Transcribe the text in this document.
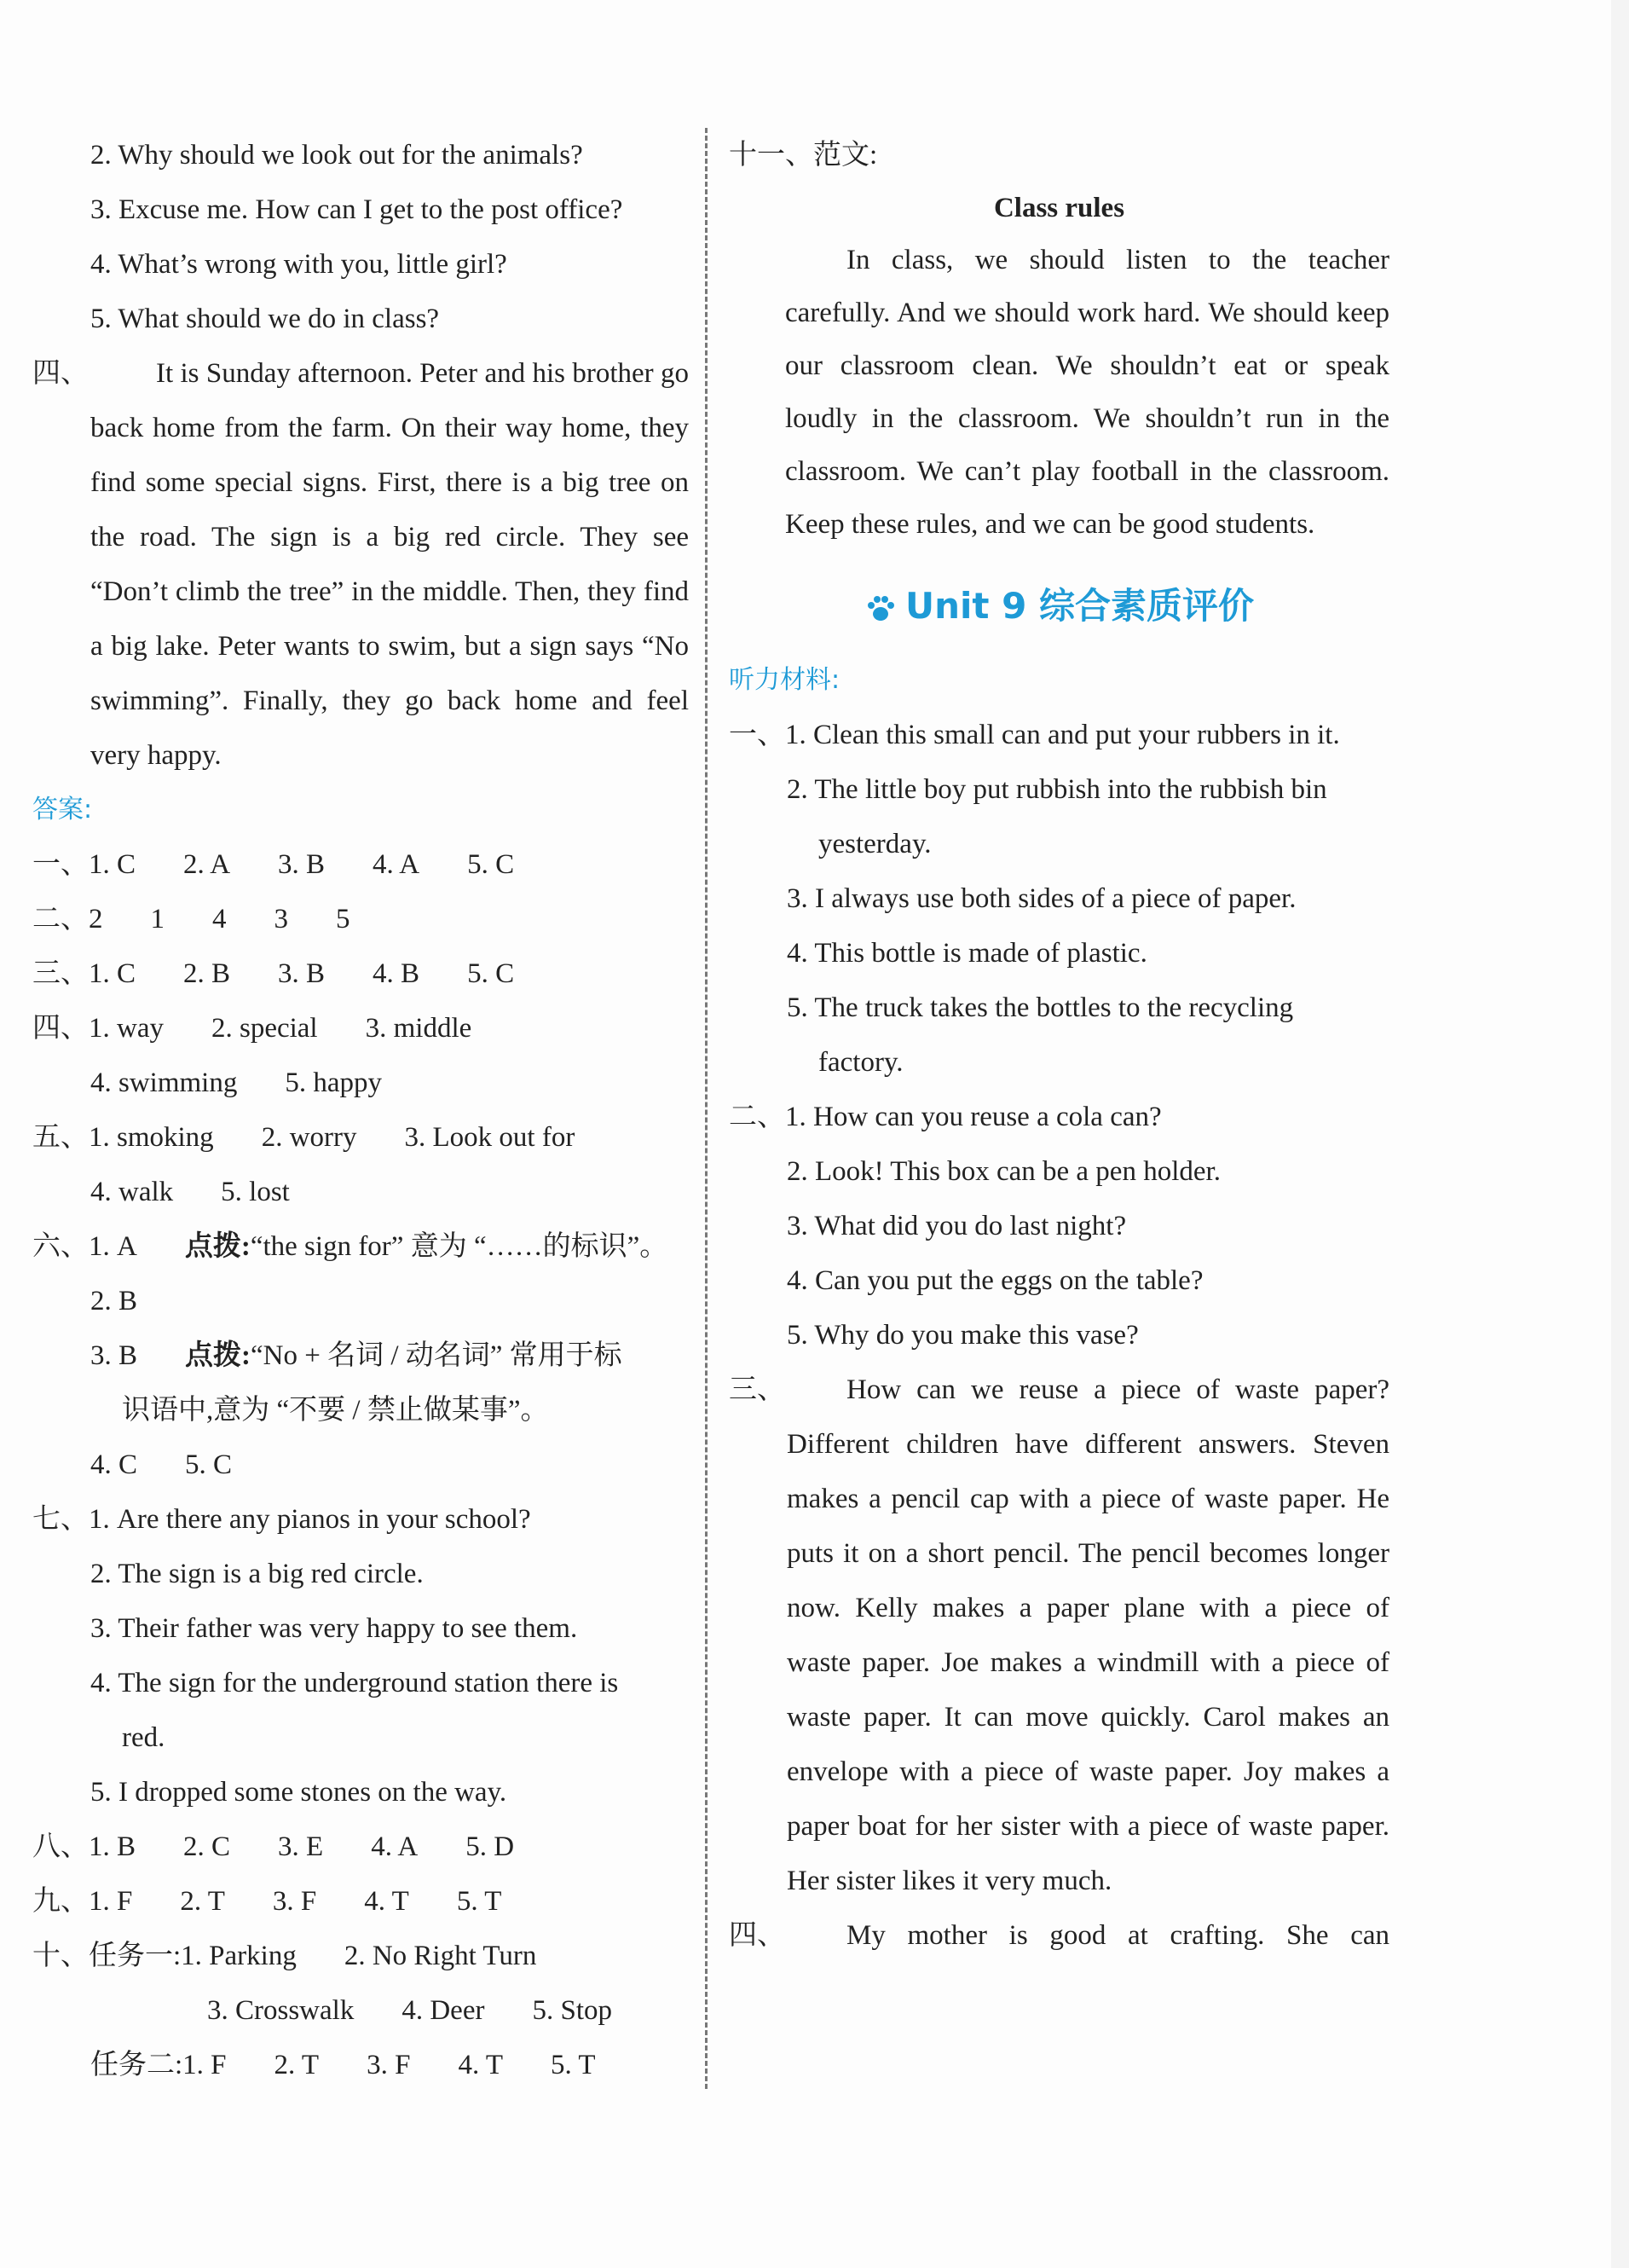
2. Why should we look out for the animals?
3. Excuse me. How can I get to the post office?
4. What’s wrong with you, little girl?
5. What should we do in class?
四、	It is Sunday afternoon. Peter and his brother go back home from the farm. On their way home, they find some special signs. First, there is a big tree on the road. The sign is a big red circle. They see “Don’t climb the tree” in the middle. Then, they find a big lake. Peter wants to swim, but a sign says “No swimming”. Finally, they go back home and feel very happy.
答案:
一、1. C 2. A 3. B 4. A 5. C
二、2 1 4 3 5
三、1. C 2. B 3. B 4. B 5. C
四、1. way 2. special 3. middle
4. swimming 5. happy
五、1. smoking 2. worry 3. Look out for
4. walk 5. lost
六、1. A 点拨:“the sign for” 意为 “……的标识”。
2. B
3. B 点拨:“No + 名词 / 动名词” 常用于标
识语中,意为 “不要 / 禁止做某事”。
4. C 5. C
七、1. Are there any pianos in your school?
2. The sign is a big red circle.
3. Their father was very happy to see them.
4. The sign for the underground station there is
red.
5. I dropped some stones on the way.
八、1. B 2. C 3. E 4. A 5. D
九、1. F 2. T 3. F 4. T 5. T
十、任务一:1. Parking 2. No Right Turn
3. Crosswalk 4. Deer 5. Stop
任务二:1. F 2. T 3. F 4. T 5. T
十一、范文:
Class rules
In class, we should listen to the teacher carefully. And we should work hard. We should keep our classroom clean. We shouldn’t eat or speak loudly in the classroom. We shouldn’t run in the classroom. We can’t play football in the classroom. Keep these rules, and we can be good students.
Unit 9 综合素质评价
听力材料:
一、1. Clean this small can and put your rubbers in it.
2. The little boy put rubbish into the rubbish bin
yesterday.
3. I always use both sides of a piece of paper.
4. This bottle is made of plastic.
5. The truck takes the bottles to the recycling
factory.
二、1. How can you reuse a cola can?
2. Look! This box can be a pen holder.
3. What did you do last night?
4. Can you put the eggs on the table?
5. Why do you make this vase?
三、	How can we reuse a piece of waste paper? Different children have different answers. Steven makes a pencil cap with a piece of waste paper. He puts it on a short pencil. The pencil becomes longer now. Kelly makes a paper plane with a piece of waste paper. Joe makes a windmill with a piece of waste paper. It can move quickly. Carol makes an envelope with a piece of waste paper. Joy makes a paper boat for her sister with a piece of waste paper. Her sister likes it very much.
四、	My mother is good at crafting. She can
